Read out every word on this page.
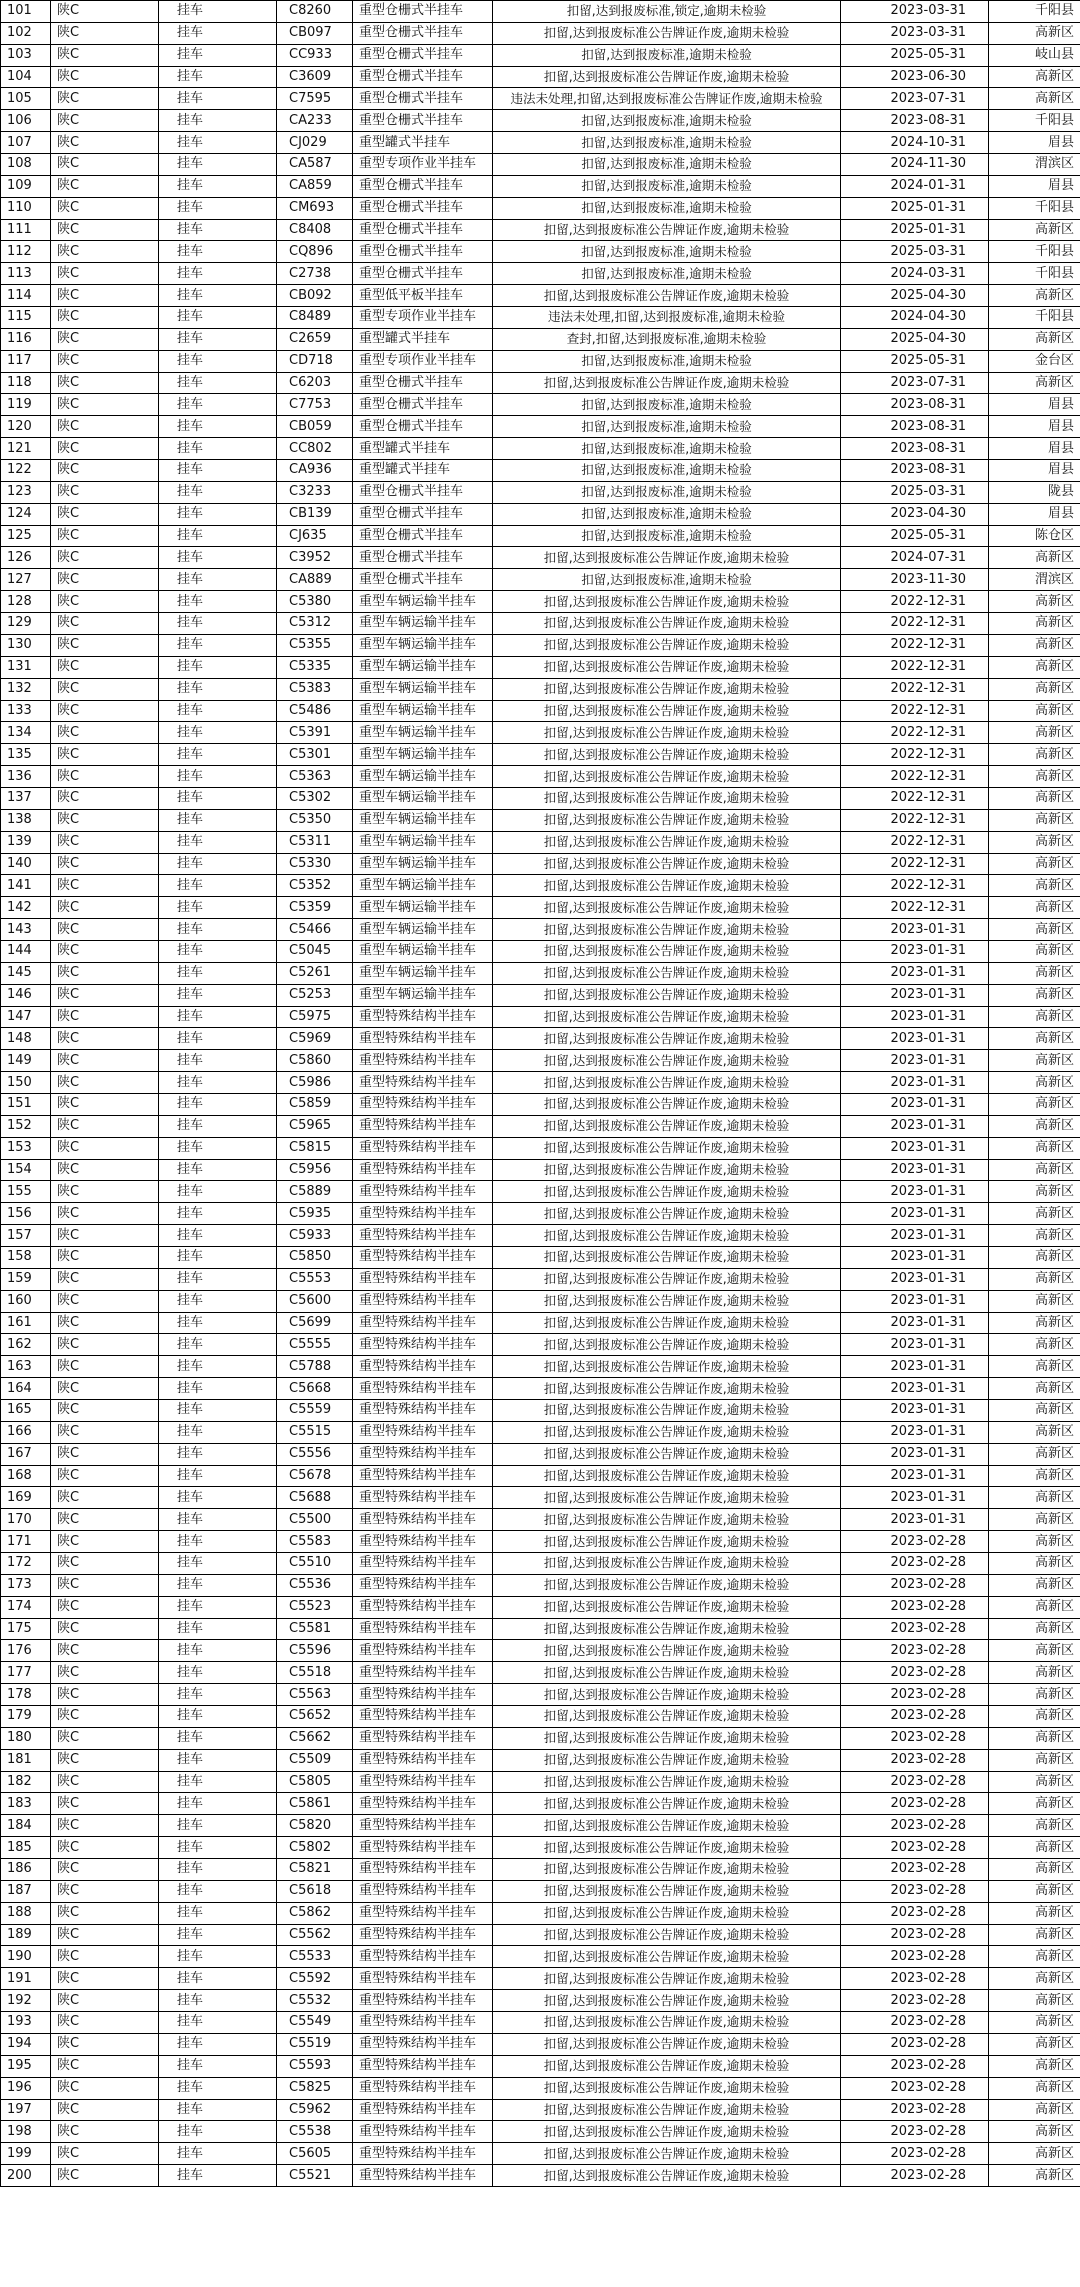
101	陕C	挂车	C8260	重型仓栅式半挂车	扣留,达到报废标准,锁定,逾期未检验	2023-03-31	千阳县
102	陕C	挂车	CB097	重型仓栅式半挂车	扣留,达到报废标准公告牌证作废,逾期未检验	2023-03-31	高新区
103	陕C	挂车	CC933	重型仓栅式半挂车	扣留,达到报废标准,逾期未检验	2025-05-31	岐山县
104	陕C	挂车	C3609	重型仓栅式半挂车	扣留,达到报废标准公告牌证作废,逾期未检验	2023-06-30	高新区
105	陕C	挂车	C7595	重型仓栅式半挂车	违法未处理,扣留,达到报废标准公告牌证作废,逾期未检验	2023-07-31	高新区
106	陕C	挂车	CA233	重型仓栅式半挂车	扣留,达到报废标准,逾期未检验	2023-08-31	千阳县
107	陕C	挂车	CJ029	重型罐式半挂车	扣留,达到报废标准,逾期未检验	2024-10-31	眉县
108	陕C	挂车	CA587	重型专项作业半挂车	扣留,达到报废标准,逾期未检验	2024-11-30	渭滨区
109	陕C	挂车	CA859	重型仓栅式半挂车	扣留,达到报废标准,逾期未检验	2024-01-31	眉县
110	陕C	挂车	CM693	重型仓栅式半挂车	扣留,达到报废标准,逾期未检验	2025-01-31	千阳县
111	陕C	挂车	C8408	重型仓栅式半挂车	扣留,达到报废标准公告牌证作废,逾期未检验	2025-01-31	高新区
112	陕C	挂车	CQ896	重型仓栅式半挂车	扣留,达到报废标准,逾期未检验	2025-03-31	千阳县
113	陕C	挂车	C2738	重型仓栅式半挂车	扣留,达到报废标准,逾期未检验	2024-03-31	千阳县
114	陕C	挂车	CB092	重型低平板半挂车	扣留,达到报废标准公告牌证作废,逾期未检验	2025-04-30	高新区
115	陕C	挂车	C8489	重型专项作业半挂车	违法未处理,扣留,达到报废标准,逾期未检验	2024-04-30	千阳县
116	陕C	挂车	C2659	重型罐式半挂车	查封,扣留,达到报废标准,逾期未检验	2025-04-30	高新区
117	陕C	挂车	CD718	重型专项作业半挂车	扣留,达到报废标准,逾期未检验	2025-05-31	金台区
118	陕C	挂车	C6203	重型仓栅式半挂车	扣留,达到报废标准公告牌证作废,逾期未检验	2023-07-31	高新区
119	陕C	挂车	C7753	重型仓栅式半挂车	扣留,达到报废标准,逾期未检验	2023-08-31	眉县
120	陕C	挂车	CB059	重型仓栅式半挂车	扣留,达到报废标准,逾期未检验	2023-08-31	眉县
121	陕C	挂车	CC802	重型罐式半挂车	扣留,达到报废标准,逾期未检验	2023-08-31	眉县
122	陕C	挂车	CA936	重型罐式半挂车	扣留,达到报废标准,逾期未检验	2023-08-31	眉县
123	陕C	挂车	C3233	重型仓栅式半挂车	扣留,达到报废标准,逾期未检验	2025-03-31	陇县
124	陕C	挂车	CB139	重型仓栅式半挂车	扣留,达到报废标准,逾期未检验	2023-04-30	眉县
125	陕C	挂车	CJ635	重型仓栅式半挂车	扣留,达到报废标准,逾期未检验	2025-05-31	陈仓区
126	陕C	挂车	C3952	重型仓栅式半挂车	扣留,达到报废标准公告牌证作废,逾期未检验	2024-07-31	高新区
127	陕C	挂车	CA889	重型仓栅式半挂车	扣留,达到报废标准,逾期未检验	2023-11-30	渭滨区
128	陕C	挂车	C5380	重型车辆运输半挂车	扣留,达到报废标准公告牌证作废,逾期未检验	2022-12-31	高新区
129	陕C	挂车	C5312	重型车辆运输半挂车	扣留,达到报废标准公告牌证作废,逾期未检验	2022-12-31	高新区
130	陕C	挂车	C5355	重型车辆运输半挂车	扣留,达到报废标准公告牌证作废,逾期未检验	2022-12-31	高新区
131	陕C	挂车	C5335	重型车辆运输半挂车	扣留,达到报废标准公告牌证作废,逾期未检验	2022-12-31	高新区
132	陕C	挂车	C5383	重型车辆运输半挂车	扣留,达到报废标准公告牌证作废,逾期未检验	2022-12-31	高新区
133	陕C	挂车	C5486	重型车辆运输半挂车	扣留,达到报废标准公告牌证作废,逾期未检验	2022-12-31	高新区
134	陕C	挂车	C5391	重型车辆运输半挂车	扣留,达到报废标准公告牌证作废,逾期未检验	2022-12-31	高新区
135	陕C	挂车	C5301	重型车辆运输半挂车	扣留,达到报废标准公告牌证作废,逾期未检验	2022-12-31	高新区
136	陕C	挂车	C5363	重型车辆运输半挂车	扣留,达到报废标准公告牌证作废,逾期未检验	2022-12-31	高新区
137	陕C	挂车	C5302	重型车辆运输半挂车	扣留,达到报废标准公告牌证作废,逾期未检验	2022-12-31	高新区
138	陕C	挂车	C5350	重型车辆运输半挂车	扣留,达到报废标准公告牌证作废,逾期未检验	2022-12-31	高新区
139	陕C	挂车	C5311	重型车辆运输半挂车	扣留,达到报废标准公告牌证作废,逾期未检验	2022-12-31	高新区
140	陕C	挂车	C5330	重型车辆运输半挂车	扣留,达到报废标准公告牌证作废,逾期未检验	2022-12-31	高新区
141	陕C	挂车	C5352	重型车辆运输半挂车	扣留,达到报废标准公告牌证作废,逾期未检验	2022-12-31	高新区
142	陕C	挂车	C5359	重型车辆运输半挂车	扣留,达到报废标准公告牌证作废,逾期未检验	2022-12-31	高新区
143	陕C	挂车	C5466	重型车辆运输半挂车	扣留,达到报废标准公告牌证作废,逾期未检验	2023-01-31	高新区
144	陕C	挂车	C5045	重型车辆运输半挂车	扣留,达到报废标准公告牌证作废,逾期未检验	2023-01-31	高新区
145	陕C	挂车	C5261	重型车辆运输半挂车	扣留,达到报废标准公告牌证作废,逾期未检验	2023-01-31	高新区
146	陕C	挂车	C5253	重型车辆运输半挂车	扣留,达到报废标准公告牌证作废,逾期未检验	2023-01-31	高新区
147	陕C	挂车	C5975	重型特殊结构半挂车	扣留,达到报废标准公告牌证作废,逾期未检验	2023-01-31	高新区
148	陕C	挂车	C5969	重型特殊结构半挂车	扣留,达到报废标准公告牌证作废,逾期未检验	2023-01-31	高新区
149	陕C	挂车	C5860	重型特殊结构半挂车	扣留,达到报废标准公告牌证作废,逾期未检验	2023-01-31	高新区
150	陕C	挂车	C5986	重型特殊结构半挂车	扣留,达到报废标准公告牌证作废,逾期未检验	2023-01-31	高新区
151	陕C	挂车	C5859	重型特殊结构半挂车	扣留,达到报废标准公告牌证作废,逾期未检验	2023-01-31	高新区
152	陕C	挂车	C5965	重型特殊结构半挂车	扣留,达到报废标准公告牌证作废,逾期未检验	2023-01-31	高新区
153	陕C	挂车	C5815	重型特殊结构半挂车	扣留,达到报废标准公告牌证作废,逾期未检验	2023-01-31	高新区
154	陕C	挂车	C5956	重型特殊结构半挂车	扣留,达到报废标准公告牌证作废,逾期未检验	2023-01-31	高新区
155	陕C	挂车	C5889	重型特殊结构半挂车	扣留,达到报废标准公告牌证作废,逾期未检验	2023-01-31	高新区
156	陕C	挂车	C5935	重型特殊结构半挂车	扣留,达到报废标准公告牌证作废,逾期未检验	2023-01-31	高新区
157	陕C	挂车	C5933	重型特殊结构半挂车	扣留,达到报废标准公告牌证作废,逾期未检验	2023-01-31	高新区
158	陕C	挂车	C5850	重型特殊结构半挂车	扣留,达到报废标准公告牌证作废,逾期未检验	2023-01-31	高新区
159	陕C	挂车	C5553	重型特殊结构半挂车	扣留,达到报废标准公告牌证作废,逾期未检验	2023-01-31	高新区
160	陕C	挂车	C5600	重型特殊结构半挂车	扣留,达到报废标准公告牌证作废,逾期未检验	2023-01-31	高新区
161	陕C	挂车	C5699	重型特殊结构半挂车	扣留,达到报废标准公告牌证作废,逾期未检验	2023-01-31	高新区
162	陕C	挂车	C5555	重型特殊结构半挂车	扣留,达到报废标准公告牌证作废,逾期未检验	2023-01-31	高新区
163	陕C	挂车	C5788	重型特殊结构半挂车	扣留,达到报废标准公告牌证作废,逾期未检验	2023-01-31	高新区
164	陕C	挂车	C5668	重型特殊结构半挂车	扣留,达到报废标准公告牌证作废,逾期未检验	2023-01-31	高新区
165	陕C	挂车	C5559	重型特殊结构半挂车	扣留,达到报废标准公告牌证作废,逾期未检验	2023-01-31	高新区
166	陕C	挂车	C5515	重型特殊结构半挂车	扣留,达到报废标准公告牌证作废,逾期未检验	2023-01-31	高新区
167	陕C	挂车	C5556	重型特殊结构半挂车	扣留,达到报废标准公告牌证作废,逾期未检验	2023-01-31	高新区
168	陕C	挂车	C5678	重型特殊结构半挂车	扣留,达到报废标准公告牌证作废,逾期未检验	2023-01-31	高新区
169	陕C	挂车	C5688	重型特殊结构半挂车	扣留,达到报废标准公告牌证作废,逾期未检验	2023-01-31	高新区
170	陕C	挂车	C5500	重型特殊结构半挂车	扣留,达到报废标准公告牌证作废,逾期未检验	2023-01-31	高新区
171	陕C	挂车	C5583	重型特殊结构半挂车	扣留,达到报废标准公告牌证作废,逾期未检验	2023-02-28	高新区
172	陕C	挂车	C5510	重型特殊结构半挂车	扣留,达到报废标准公告牌证作废,逾期未检验	2023-02-28	高新区
173	陕C	挂车	C5536	重型特殊结构半挂车	扣留,达到报废标准公告牌证作废,逾期未检验	2023-02-28	高新区
174	陕C	挂车	C5523	重型特殊结构半挂车	扣留,达到报废标准公告牌证作废,逾期未检验	2023-02-28	高新区
175	陕C	挂车	C5581	重型特殊结构半挂车	扣留,达到报废标准公告牌证作废,逾期未检验	2023-02-28	高新区
176	陕C	挂车	C5596	重型特殊结构半挂车	扣留,达到报废标准公告牌证作废,逾期未检验	2023-02-28	高新区
177	陕C	挂车	C5518	重型特殊结构半挂车	扣留,达到报废标准公告牌证作废,逾期未检验	2023-02-28	高新区
178	陕C	挂车	C5563	重型特殊结构半挂车	扣留,达到报废标准公告牌证作废,逾期未检验	2023-02-28	高新区
179	陕C	挂车	C5652	重型特殊结构半挂车	扣留,达到报废标准公告牌证作废,逾期未检验	2023-02-28	高新区
180	陕C	挂车	C5662	重型特殊结构半挂车	扣留,达到报废标准公告牌证作废,逾期未检验	2023-02-28	高新区
181	陕C	挂车	C5509	重型特殊结构半挂车	扣留,达到报废标准公告牌证作废,逾期未检验	2023-02-28	高新区
182	陕C	挂车	C5805	重型特殊结构半挂车	扣留,达到报废标准公告牌证作废,逾期未检验	2023-02-28	高新区
183	陕C	挂车	C5861	重型特殊结构半挂车	扣留,达到报废标准公告牌证作废,逾期未检验	2023-02-28	高新区
184	陕C	挂车	C5820	重型特殊结构半挂车	扣留,达到报废标准公告牌证作废,逾期未检验	2023-02-28	高新区
185	陕C	挂车	C5802	重型特殊结构半挂车	扣留,达到报废标准公告牌证作废,逾期未检验	2023-02-28	高新区
186	陕C	挂车	C5821	重型特殊结构半挂车	扣留,达到报废标准公告牌证作废,逾期未检验	2023-02-28	高新区
187	陕C	挂车	C5618	重型特殊结构半挂车	扣留,达到报废标准公告牌证作废,逾期未检验	2023-02-28	高新区
188	陕C	挂车	C5862	重型特殊结构半挂车	扣留,达到报废标准公告牌证作废,逾期未检验	2023-02-28	高新区
189	陕C	挂车	C5562	重型特殊结构半挂车	扣留,达到报废标准公告牌证作废,逾期未检验	2023-02-28	高新区
190	陕C	挂车	C5533	重型特殊结构半挂车	扣留,达到报废标准公告牌证作废,逾期未检验	2023-02-28	高新区
191	陕C	挂车	C5592	重型特殊结构半挂车	扣留,达到报废标准公告牌证作废,逾期未检验	2023-02-28	高新区
192	陕C	挂车	C5532	重型特殊结构半挂车	扣留,达到报废标准公告牌证作废,逾期未检验	2023-02-28	高新区
193	陕C	挂车	C5549	重型特殊结构半挂车	扣留,达到报废标准公告牌证作废,逾期未检验	2023-02-28	高新区
194	陕C	挂车	C5519	重型特殊结构半挂车	扣留,达到报废标准公告牌证作废,逾期未检验	2023-02-28	高新区
195	陕C	挂车	C5593	重型特殊结构半挂车	扣留,达到报废标准公告牌证作废,逾期未检验	2023-02-28	高新区
196	陕C	挂车	C5825	重型特殊结构半挂车	扣留,达到报废标准公告牌证作废,逾期未检验	2023-02-28	高新区
197	陕C	挂车	C5962	重型特殊结构半挂车	扣留,达到报废标准公告牌证作废,逾期未检验	2023-02-28	高新区
198	陕C	挂车	C5538	重型特殊结构半挂车	扣留,达到报废标准公告牌证作废,逾期未检验	2023-02-28	高新区
199	陕C	挂车	C5605	重型特殊结构半挂车	扣留,达到报废标准公告牌证作废,逾期未检验	2023-02-28	高新区
200	陕C	挂车	C5521	重型特殊结构半挂车	扣留,达到报废标准公告牌证作废,逾期未检验	2023-02-28	高新区
